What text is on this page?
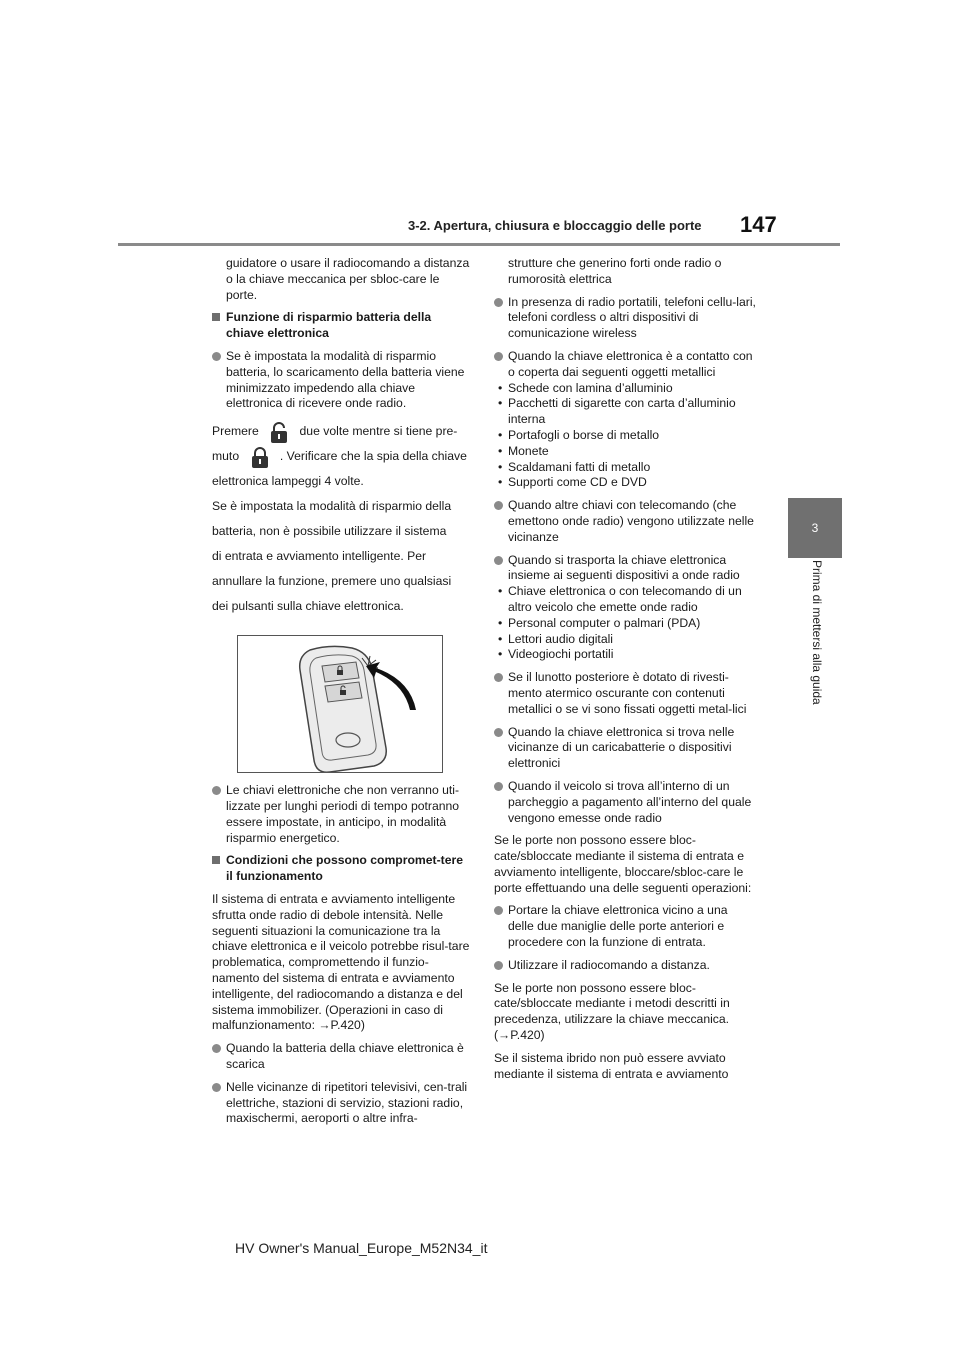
3-2. Apertura, chiusura e bloccaggio delle porte 147
3
Prima di mettersi alla guida

guidatore o usare il radiocomando a distanza o la chiave meccanica per sbloc-care le porte.

Funzione di risparmio batteria della chiave elettronica

Se è impostata la modalità di risparmio batteria, lo scaricamento della batteria viene minimizzato impedendo alla chiave elettronica di ricevere onde radio.

Premere	due volte mentre si tiene pre-

muto	. Verificare che la spia della chiave

elettronica lampeggi 4 volte.

Se è impostata la modalità di risparmio della

batteria, non è possibile utilizzare il sistema

di entrata e avviamento intelligente. Per

annullare la funzione, premere uno qualsiasi

dei pulsanti sulla chiave elettronica.

Le chiavi elettroniche che non verranno uti-lizzate per lunghi periodi di tempo potranno essere impostate, in anticipo, in modalità risparmio energetico.

Condizioni che possono compromet-tere il funzionamento

Il sistema di entrata e avviamento intelligente sfrutta onde radio di debole intensità. Nelle seguenti situazioni la comunicazione tra la chiave elettronica e il veicolo potrebbe risul-tare problematica, compromettendo il funzio-namento del sistema di entrata e avviamento intelligente, del radiocomando a distanza e del sistema immobilizer. (Operazioni in caso di malfunzionamento: →P.420)

Quando la batteria della chiave elettronica è scarica

Nelle vicinanze di ripetitori televisivi, cen-trali elettriche, stazioni di servizio, stazioni radio, maxischermi, aeroporti o altre infra-

strutture che generino forti onde radio o rumorosità elettrica

In presenza di radio portatili, telefoni cellu-lari, telefoni cordless o altri dispositivi di comunicazione wireless

Quando la chiave elettronica è a contatto con o coperta dai seguenti oggetti metallici

• Schede con lamina d’alluminio

• Pacchetti di sigarette con carta d’alluminio interna

• Portafogli o borse di metallo

• Monete

• Scaldamani fatti di metallo

• Supporti come CD e DVD

Quando altre chiavi con telecomando (che emettono onde radio) vengono utilizzate nelle vicinanze

Quando si trasporta la chiave elettronica insieme ai seguenti dispositivi a onde radio

• Chiave elettronica o con telecomando di un altro veicolo che emette onde radio

• Personal computer o palmari (PDA)

• Lettori audio digitali

• Videogiochi portatili

Se il lunotto posteriore è dotato di rivesti-mento atermico oscurante con contenuti metallici o se vi sono fissati oggetti metal-lici

Quando la chiave elettronica si trova nelle vicinanze di un caricabatterie o dispositivi elettronici

Quando il veicolo si trova all’interno di un parcheggio a pagamento all’interno del quale vengono emesse onde radio

Se le porte non possono essere bloc-cate/sbloccate mediante il sistema di entrata e avviamento intelligente, bloccare/sbloc-care le porte effettuando una delle seguenti operazioni:

Portare la chiave elettronica vicino a una delle due maniglie delle porte anteriori e procedere con la funzione di entrata.

Utilizzare il radiocomando a distanza.

Se le porte non possono essere bloc-cate/sbloccate mediante i metodi descritti in precedenza, utilizzare la chiave meccanica. (→P.420)

Se il sistema ibrido non può essere avviato mediante il sistema di entrata e avviamento

HV Owner's Manual_Europe_M52N34_it
